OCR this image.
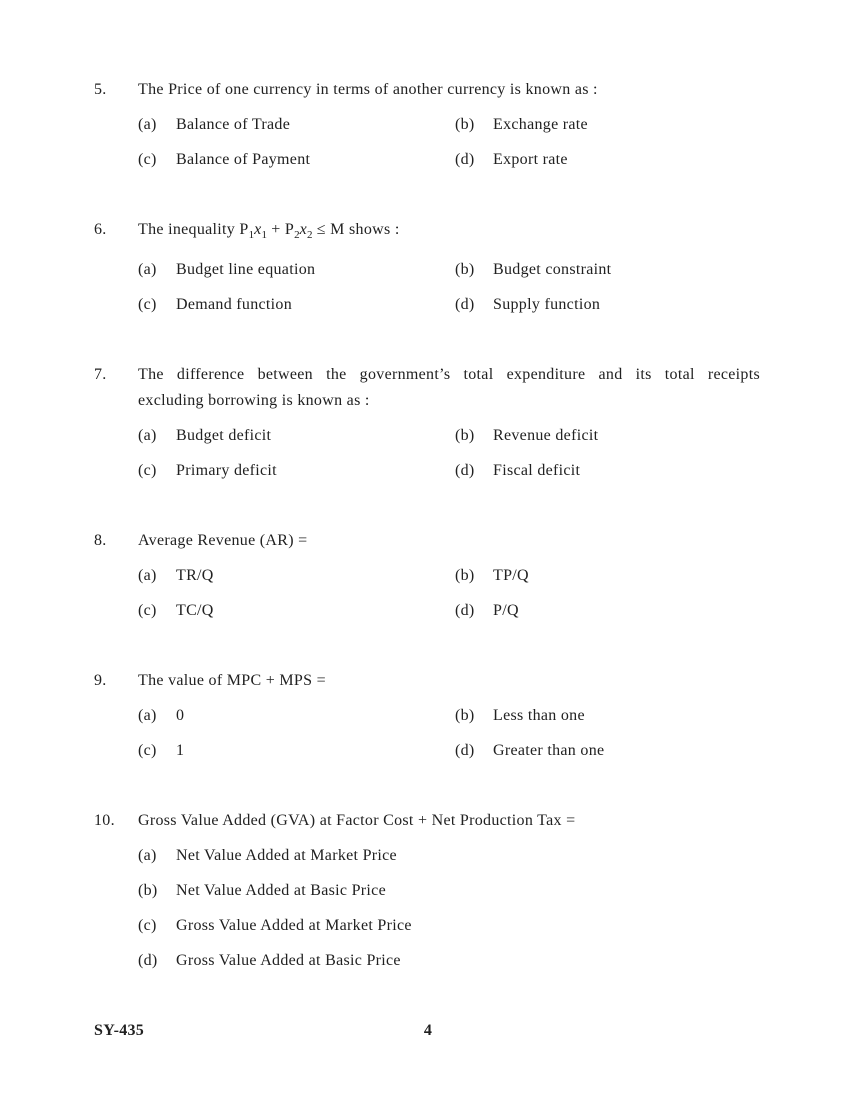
5.	The Price of one currency in terms of another currency is known as :
(a)	Balance of Trade	(b)	Exchange rate
(c)	Balance of Payment	(d)	Export rate
6.	The inequality $P_1x_1 + P_2x_2 \le M$ shows :
(a)	Budget line equation	(b)	Budget constraint
(c)	Demand function	(d)	Supply function
7.	The difference between the government’s total expenditure and its total receipts
excluding borrowing is known as :
(a)	Budget deficit	(b)	Revenue deficit
(c)	Primary deficit	(d)	Fiscal deficit
8.	Average Revenue (AR) =
(a)	TR/Q	(b)	TP/Q
(c)	TC/Q	(d)	P/Q
9.	The value of MPC + MPS =
(a)	0	(b)	Less than one
(c)	1	(d)	Greater than one
10.	Gross Value Added (GVA) at Factor Cost + Net Production Tax =
(a)	Net Value Added at Market Price
(b)	Net Value Added at Basic Price
(c)	Gross Value Added at Market Price
(d)	Gross Value Added at Basic Price
SY-435	4
